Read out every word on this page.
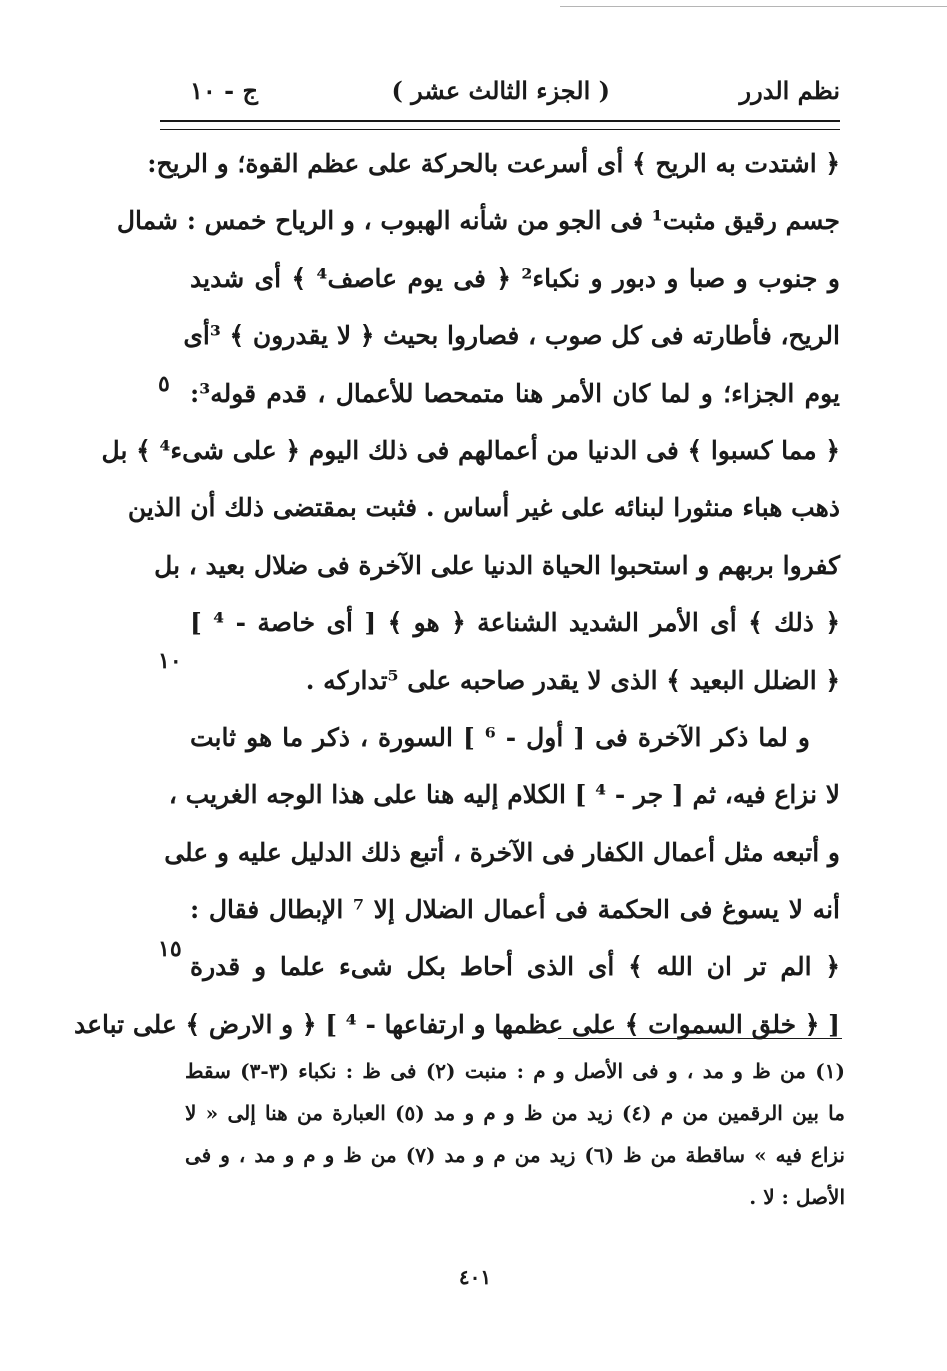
نظم الدرر
( الجزء الثالث عشر )
ج - ١٠
﴿ اشتدت به الريح ﴾ أى أسرعت بالحركة على عظم القوة؛ و الريح:
جسم رقيق مثبت¹ فى الجو من شأنه الهبوب ، و الرياح خمس : شمال
و جنوب و صبا و دبور و نكباء² ﴿ فى يوم عاصف⁴ ﴾ أى شديد
الريح، فأطارته فى كل صوب ، فصاروا بحيث ﴿ لا يقدرون ﴾ ³أى
يوم الجزاء؛ و لما كان الأمر هنا متمحصا للأعمال ، قدم قوله³:
﴿ مما كسبوا ﴾ فى الدنيا من أعمالهم فى ذلك اليوم ﴿ على شىء⁴ ﴾ بل
ذهب هباء منثورا لبنائه على غير أساس . فثبت بمقتضى ذلك أن الذين
كفروا بربهم و استحبوا الحياة الدنيا على الآخرة فى ضلال بعيد ، بل
﴿ ذلك ﴾ أى الأمر الشديد الشناعة ﴿ هو ﴾ [ أى خاصة - ⁴ ]
﴿ الضلل البعيد ﴾ الذى لا يقدر صاحبه على ⁵تداركه .
و لما ذكر الآخرة فى [ أول - ⁶ ] السورة ، ذكر ما هو ثابت
لا نزاع فيه، ثم [ جر - ⁴ ] الكلام إليه هنا على هذا الوجه الغريب ،
و أتبعه مثل أعمال الكفار فى الآخرة ، أتبع ذلك الدليل عليه و على
أنه لا يسوغ فى الحكمة فى أعمال الضلال إلا ⁷ الإبطال فقال :
﴿ الم تر ان الله ﴾ أى الذى أحاط بكل شىء علما و قدرة
[ ﴿ خلق السموات ﴾ على عظمها و ارتفاعها - ⁴ ] ﴿ و الارض ﴾ على تباعد
٥
١٠
١٥
(١) من ظ و مد ، و فى الأصل و م : منبت (٢) فى ظ : نكباء (٣-٣) سقط
ما بين الرقمين من م (٤) زيد من ظ و م و مد (٥) العبارة من هنا إلى « لا
نزاع فيه » ساقطة من ظ (٦) زيد من م و مد (٧) من ظ و م و مد ، و فى
الأصل : لا .
٤٠١
